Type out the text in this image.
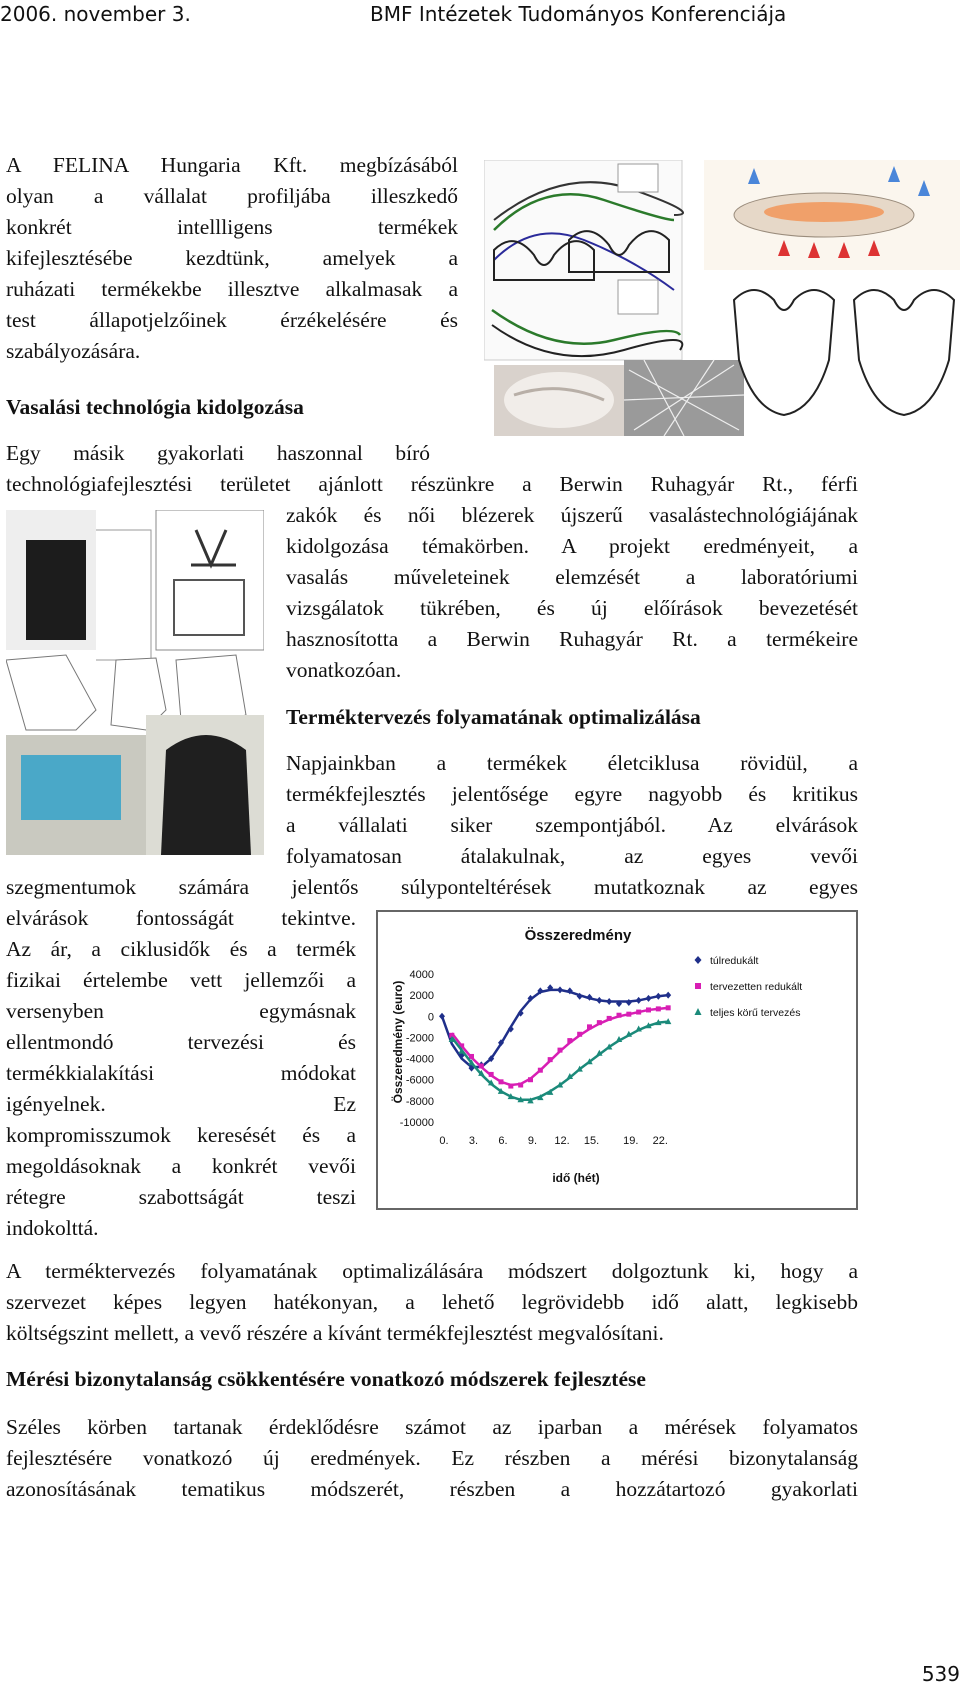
2006. november 3.	BMF Intézetek Tudományos Konferenciája
A FELINA Hungaria Kft. megbízásából
olyan a vállalat profiljába illeszkedő
konkrét intellligens termékek
kifejlesztésébe kezdtünk, amelyek a
ruházati termékekbe illesztve alkalmasak a
test állapotjelzőinek érzékelésére és
szabályozására.
Vasalási technológia kidolgozása
Egy másik gyakorlati haszonnal bíró
technológiafejlesztési területet ajánlott részünkre a Berwin Ruhagyár Rt., férfi
zakók és női blézerek újszerű vasalástechnológiájának
kidolgozása témakörben. A projekt eredményeit, a
vasalás műveleteinek elemzését a laboratóriumi
vizsgálatok tükrében, és új előírások bevezetését
hasznosította a Berwin Ruhagyár Rt. a termékeire
vonatkozóan.
Terméktervezés folyamatának optimalizálása
Napjainkban a termékek életciklusa rövidül, a
termékfejlesztés jelentősége egyre nagyobb és kritikus
a vállalati siker szempontjából. Az elvárások
folyamatosan átalakulnak, az egyes vevői
szegmentumok számára jelentős súlyponteltérések mutatkoznak az egyes
elvárások fontosságát tekintve.
Az ár, a ciklusidők és a termék
fizikai értelembe vett jellemzői a
versenyben egymásnak
ellentmondó tervezési és
termékkialakítási módokat
igényelnek. Ez
kompromisszumok keresését és a
megoldásoknak a konkrét vevői
rétegre szabottságát teszi
indokolttá.
Összeredmény
Összeredmény (euro)
idő (hét)
4000
2000
0
-2000
-4000
-6000
-8000
-10000
0. 3. 6. 9. 12. 15. 19. 22.
túlredukált
tervezetten redukált
teljes körű tervezés
A terméktervezés folyamatának optimalizálására módszert dolgoztunk ki, hogy a
szervezet képes legyen hatékonyan, a lehető legrövidebb idő alatt, legkisebb
költségszint mellett, a vevő részére a kívánt termékfejlesztést megvalósítani.
Mérési bizonytalanság csökkentésére vonatkozó módszerek fejlesztése
Széles körben tartanak érdeklődésre számot az iparban a mérések folyamatos
fejlesztésére vonatkozó új eredmények. Ez részben a mérési bizonytalanság
azonosításának tematikus módszerét, részben a hozzátartozó gyakorlati
539
